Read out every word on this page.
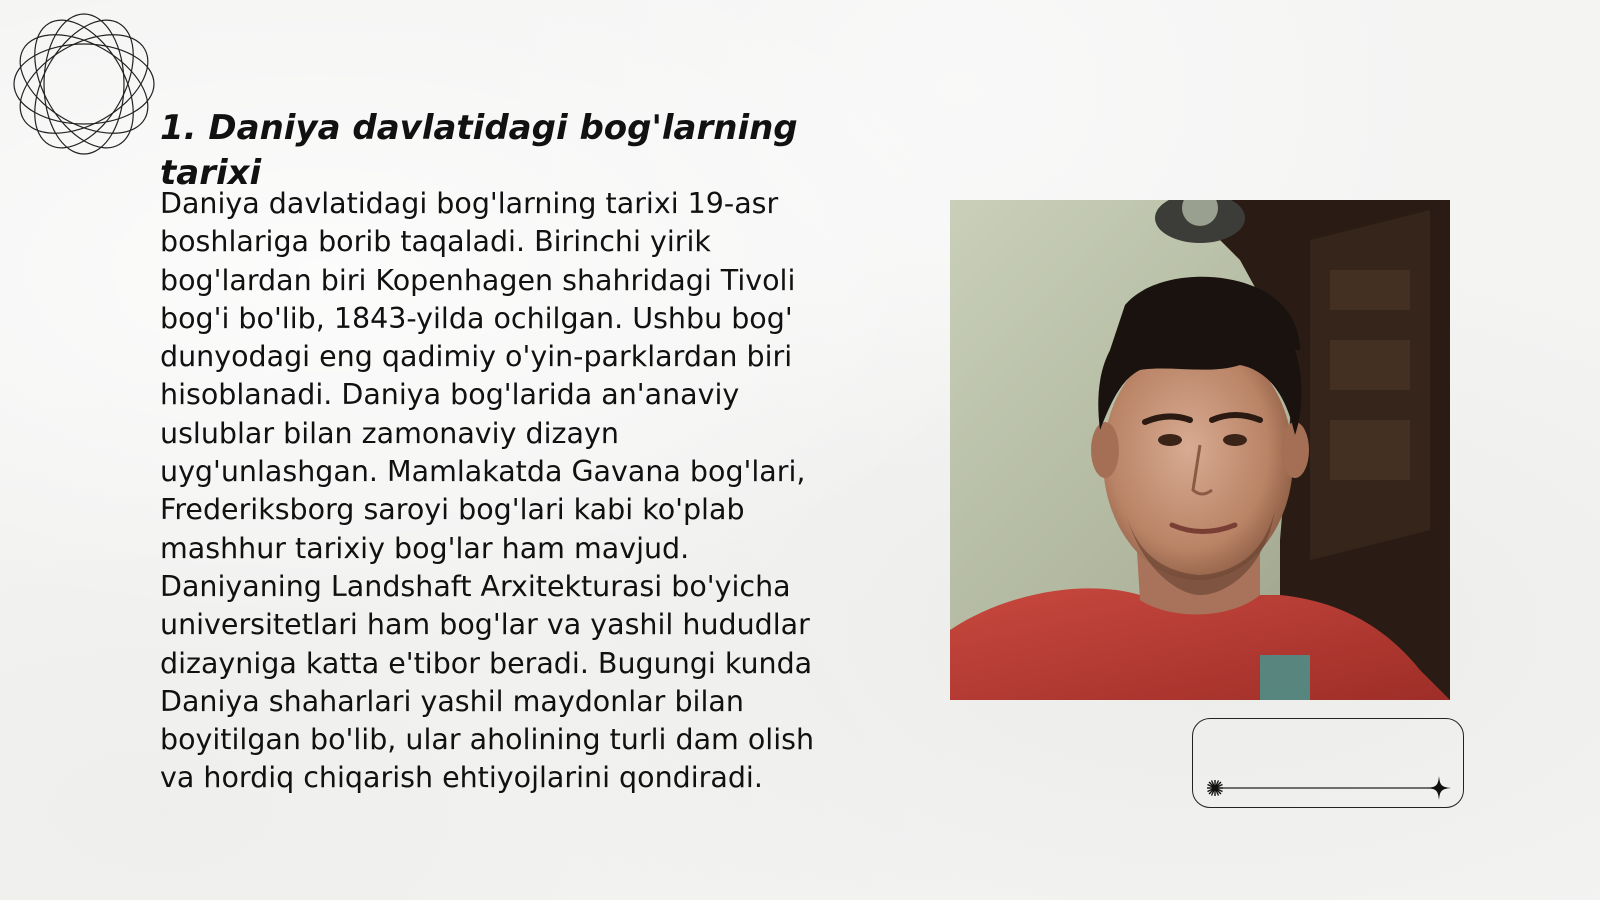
1. Daniya davlatidagi bog'larning tarixi

Daniya davlatidagi bog'larning tarixi 19-asr boshlariga borib taqaladi. Birinchi yirik bog'lardan biri Kopenhagen shahridagi Tivoli bog'i bo'lib, 1843-yilda ochilgan. Ushbu bog' dunyodagi eng qadimiy o'yin-parklardan biri hisoblanadi. Daniya bog'larida an'anaviy uslublar bilan zamonaviy dizayn uyg'unlashgan. Mamlakatda Gavana bog'lari, Frederiksborg saroyi bog'lari kabi ko'plab mashhur tarixiy bog'lar ham mavjud. Daniyaning Landshaft Arxitekturasi bo'yicha universitetlari ham bog'lar va yashil hududlar dizayniga katta e'tibor beradi. Bugungi kunda Daniya shaharlari yashil maydonlar bilan boyitilgan bo'lib, ular aholining turli dam olish va hordiq chiqarish ehtiyojlarini qondiradi.
